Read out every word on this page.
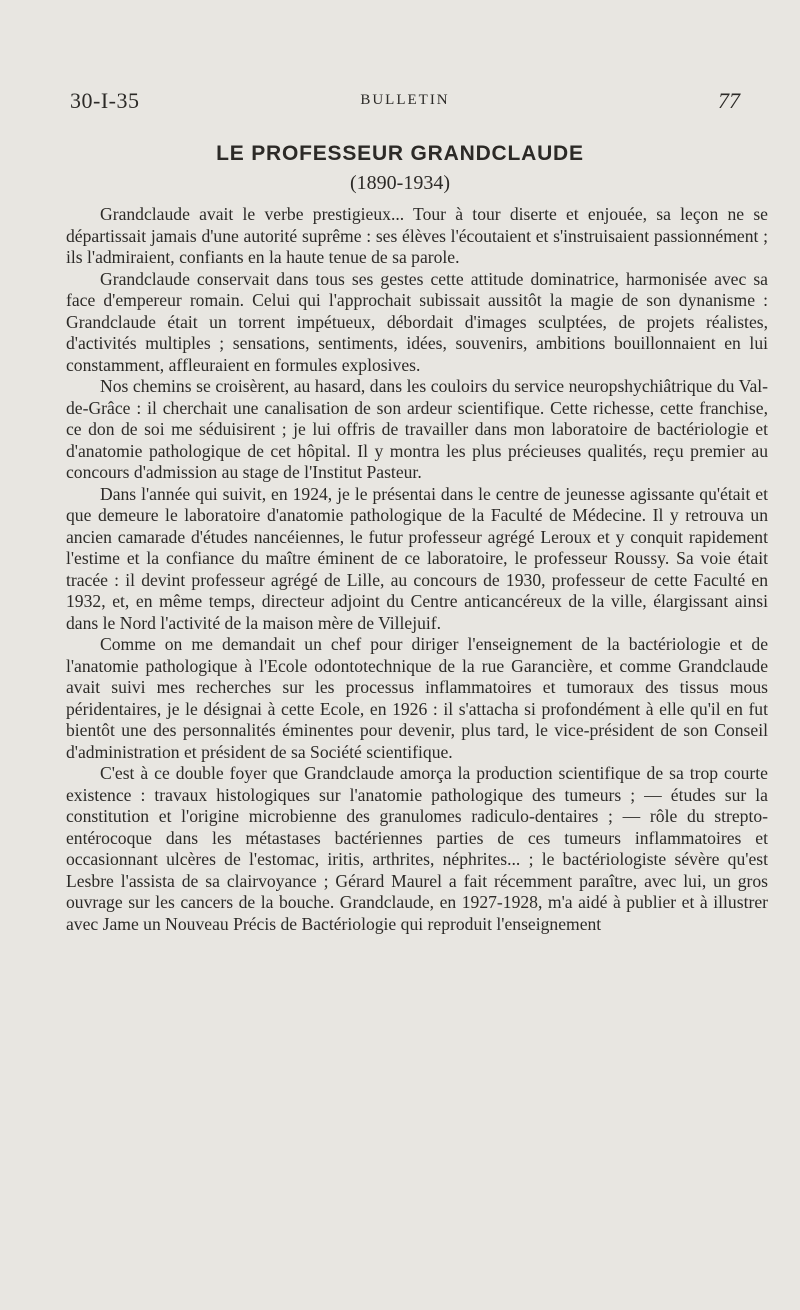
30-I-35	BULLETIN	77
LE PROFESSEUR GRANDCLAUDE
(1890-1934)

Grandclaude avait le verbe prestigieux... Tour à tour diserte et enjouée, sa leçon ne se départissait jamais d'une autorité suprême : ses élèves l'écoutaient et s'instruisaient passionnément ; ils l'admiraient, confiants en la haute tenue de sa parole.

Grandclaude conservait dans tous ses gestes cette attitude dominatrice, harmonisée avec sa face d'empereur romain. Celui qui l'approchait subissait aussitôt la magie de son dynanisme : Grandclaude était un torrent impétueux, débordait d'images sculptées, de projets réalistes, d'activités multiples ; sensations, sentiments, idées, souvenirs, ambitions bouillonnaient en lui constamment, affleuraient en formules explosives.

Nos chemins se croisèrent, au hasard, dans les couloirs du service neuropshychiâtrique du Val-de-Grâce : il cherchait une canalisation de son ardeur scientifique. Cette richesse, cette franchise, ce don de soi me séduisirent ; je lui offris de travailler dans mon laboratoire de bactériologie et d'anatomie pathologique de cet hôpital. Il y montra les plus précieuses qualités, reçu premier au concours d'admission au stage de l'Institut Pasteur.

Dans l'année qui suivit, en 1924, je le présentai dans le centre de jeunesse agissante qu'était et que demeure le laboratoire d'anatomie pathologique de la Faculté de Médecine. Il y retrouva un ancien camarade d'études nancéiennes, le futur professeur agrégé Leroux et y conquit rapidement l'estime et la confiance du maître éminent de ce laboratoire, le professeur Roussy. Sa voie était tracée : il devint professeur agrégé de Lille, au concours de 1930, professeur de cette Faculté en 1932, et, en même temps, directeur adjoint du Centre anticancéreux de la ville, élargissant ainsi dans le Nord l'activité de la maison mère de Villejuif.

Comme on me demandait un chef pour diriger l'enseignement de la bactériologie et de l'anatomie pathologique à l'Ecole odontotechnique de la rue Garancière, et comme Grandclaude avait suivi mes recherches sur les processus inflammatoires et tumoraux des tissus mous péridentaires, je le désignai à cette Ecole, en 1926 : il s'attacha si profondément à elle qu'il en fut bientôt une des personnalités éminentes pour devenir, plus tard, le vice-président de son Conseil d'administration et président de sa Société scientifique.

C'est à ce double foyer que Grandclaude amorça la production scientifique de sa trop courte existence : travaux histologiques sur l'anatomie pathologique des tumeurs ; — études sur la constitution et l'origine microbienne des granulomes radiculo-dentaires ; — rôle du strepto-entérocoque dans les métastases bactériennes parties de ces tumeurs inflammatoires et occasionnant ulcères de l'estomac, iritis, arthrites, néphrites... ; le bactériologiste sévère qu'est Lesbre l'assista de sa clairvoyance ; Gérard Maurel a fait récemment paraître, avec lui, un gros ouvrage sur les cancers de la bouche. Grandclaude, en 1927-1928, m'a aidé à publier et à illustrer avec Jame un Nouveau Précis de Bactériologie qui reproduit l'enseignement
